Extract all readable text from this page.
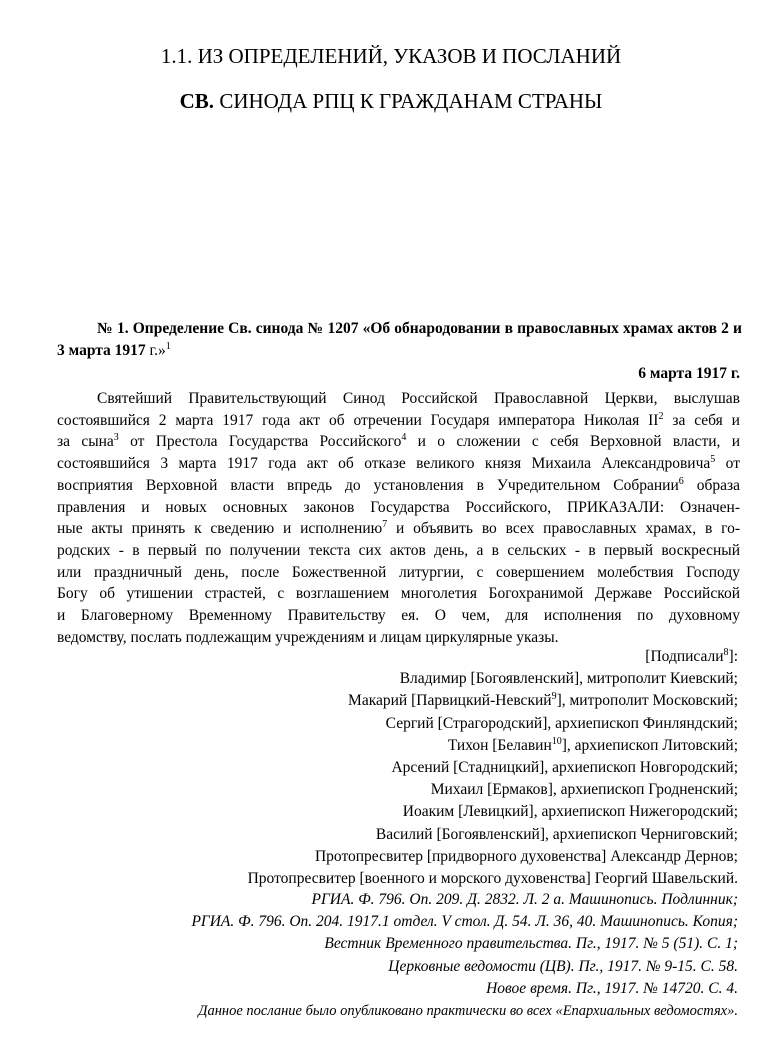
1.1. ИЗ ОПРЕДЕЛЕНИЙ, УКАЗОВ И ПОСЛАНИЙ
СВ. СИНОДА РПЦ К ГРАЖДАНАМ СТРАНЫ
№ 1. Определение Св. синода № 1207 «Об обнародовании в православных храмах актов 2 и 3 марта 1917 г.»$^1$
6 марта 1917 г.
Святейший Правительствующий Синод Российской Православной Церкви, выслушав
состоявшийся 2 марта 1917 года акт об отречении Государя императора Николая $II^2$ за себя и
за сына$^3$ от Престола Государства Российского$^4$ и о сложении с себя Верховной власти, и
состоявшийся 3 марта 1917 года акт об отказе великого князя Михаила Александровича$^5$ от
восприятия Верховной власти впредь до установления в Учредительном Собрании$^6$ образа
правления и новых основных законов Государства Российского, ПРИКАЗАЛИ: Означен-
ные акты принять к сведению и исполнению$^7$ и объявить во всех православных храмах, в го-
родских - в первый по получении текста сих актов день, а в сельских - в первый воскресный
или праздничный день, после Божественной литургии, с совершением молебствия Господу
Богу об утишении страстей, с возглашением многолетия Богохранимой Державе Российской
и Благоверному Временному Правительству ея. О чем, для исполнения по духовному
ведомству, послать подлежащим учреждениям и лицам циркулярные указы.
[Подписали$^8$]:
Владимир [Богоявленский], митрополит Киевский;
Макарий [Парвицкий-Невский$^9$], митрополит Московский;
Сергий [Страгородский], архиепископ Финляндский;
Тихон [Белавин$^{10}$], архиепископ Литовский;
Арсений [Стадницкий], архиепископ Новгородский;
Михаил [Ермаков], архиепископ Гродненский;
Иоаким [Левицкий], архиепископ Нижегородский;
Василий [Богоявленский], архиепископ Черниговский;
Протопресвитер [придворного духовенства] Александр Дернов;
Протопресвитер [военного и морского духовенства] Георгий Шавельский.
РГИА. Ф. 796. Оп. 209. Д. 2832. Л. 2 а. Машинопись. Подлинник;
РГИА. Ф. 796. Оп. 204. 1917.1 отдел. V стол. Д. 54. Л. 36, 40. Машинопись. Копия;
Вестник Временного правительства. Пг., 1917. № 5 (51). С. 1;
Церковные ведомости (ЦВ). Пг., 1917. № 9-15. С. 58.
Новое время. Пг., 1917. № 14720. С. 4.
Данное послание было опубликовано практически во всех «Епархиальных ведомостях».
